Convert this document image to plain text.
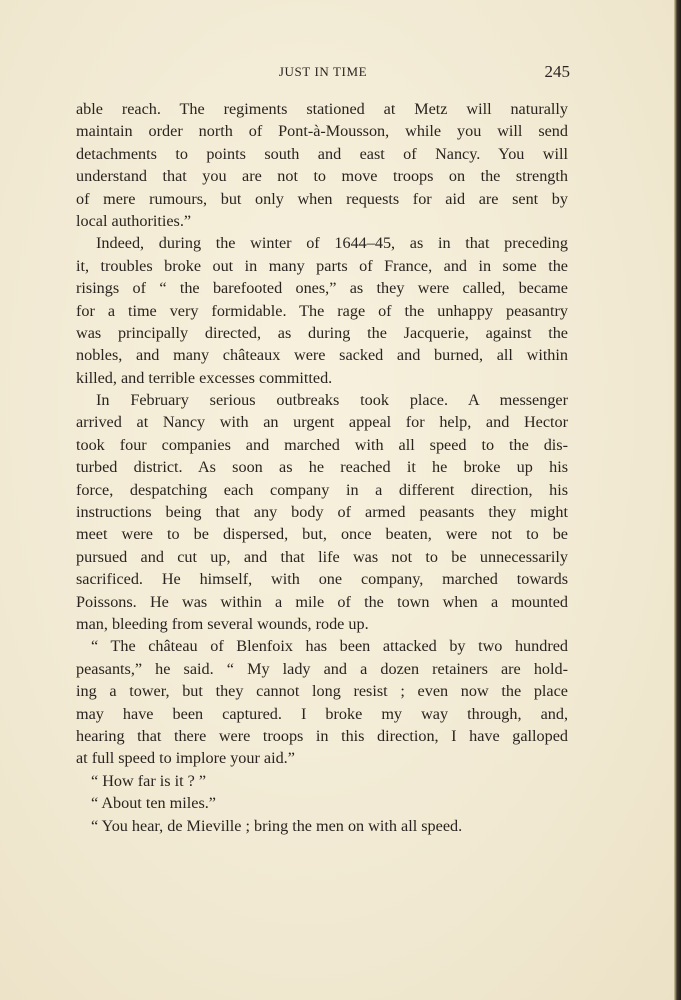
JUST IN TIME	245
able reach. The regiments stationed at Metz will naturally
maintain order north of Pont-à-Mousson, while you will send
detachments to points south and east of Nancy. You will
understand that you are not to move troops on the strength
of mere rumours, but only when requests for aid are sent by
local authorities.”
Indeed, during the winter of 1644–45, as in that preceding
it, troubles broke out in many parts of France, and in some the
risings of “ the barefooted ones,” as they were called, became
for a time very formidable. The rage of the unhappy peasantry
was principally directed, as during the Jacquerie, against the
nobles, and many châteaux were sacked and burned, all within
killed, and terrible excesses committed.
In February serious outbreaks took place. A messenger
arrived at Nancy with an urgent appeal for help, and Hector
took four companies and marched with all speed to the dis-
turbed district. As soon as he reached it he broke up his
force, despatching each company in a different direction, his
instructions being that any body of armed peasants they might
meet were to be dispersed, but, once beaten, were not to be
pursued and cut up, and that life was not to be unnecessarily
sacrificed. He himself, with one company, marched towards
Poissons. He was within a mile of the town when a mounted
man, bleeding from several wounds, rode up.
“ The château of Blenfoix has been attacked by two hundred
peasants,” he said. “ My lady and a dozen retainers are hold-
ing a tower, but they cannot long resist ; even now the place
may have been captured. I broke my way through, and,
hearing that there were troops in this direction, I have galloped
at full speed to implore your aid.”
“ How far is it ? ”
“ About ten miles.”
“ You hear, de Mieville ; bring the men on with all speed.
